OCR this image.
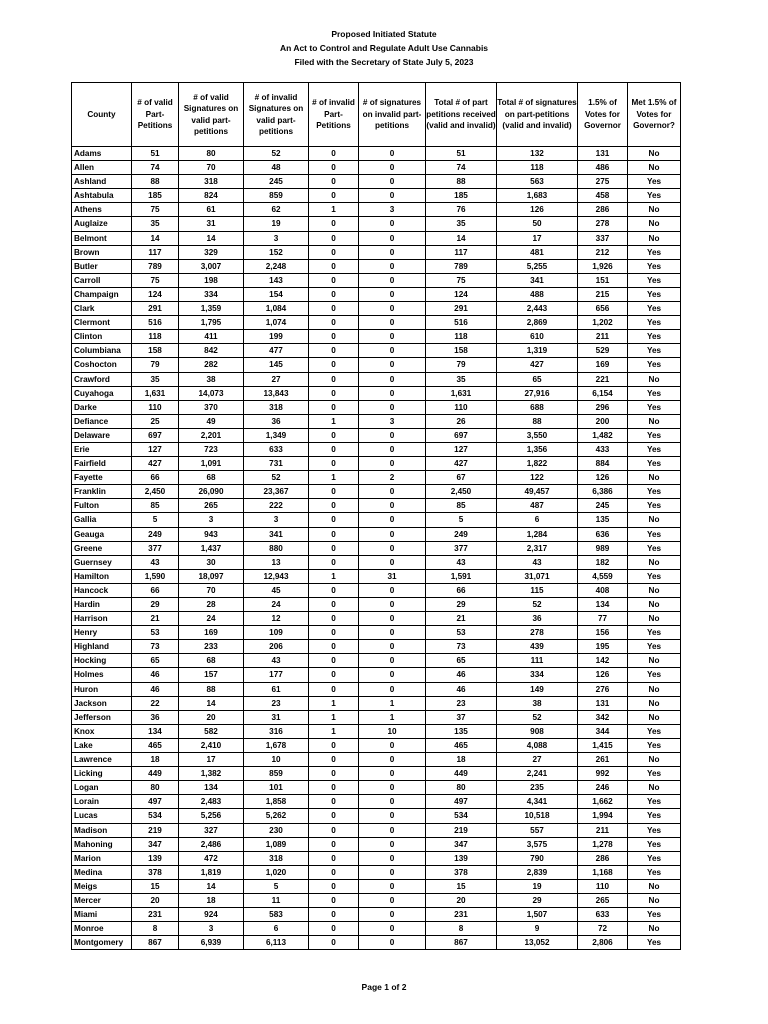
Proposed Initiated Statute
An Act to Control and Regulate Adult Use Cannabis
Filed with the Secretary of State July 5, 2023
County	# of valid Part-Petitions	# of valid Signatures on valid part-petitions	# of invalid Signatures on valid part-petitions	# of invalid Part-Petitions	# of signatures on invalid part-petitions	Total # of part petitions received (valid and invalid)	Total # of signatures on part-petitions (valid and invalid)	1.5% of Votes for Governor	Met 1.5% of Votes for Governor?
Adams	51	80	52	0	0	51	132	131	No
Allen	74	70	48	0	0	74	118	486	No
Ashland	88	318	245	0	0	88	563	275	Yes
Ashtabula	185	824	859	0	0	185	1,683	458	Yes
Athens	75	61	62	1	3	76	126	286	No
Auglaize	35	31	19	0	0	35	50	278	No
Belmont	14	14	3	0	0	14	17	337	No
Brown	117	329	152	0	0	117	481	212	Yes
Butler	789	3,007	2,248	0	0	789	5,255	1,926	Yes
Carroll	75	198	143	0	0	75	341	151	Yes
Champaign	124	334	154	0	0	124	488	215	Yes
Clark	291	1,359	1,084	0	0	291	2,443	656	Yes
Clermont	516	1,795	1,074	0	0	516	2,869	1,202	Yes
Clinton	118	411	199	0	0	118	610	211	Yes
Columbiana	158	842	477	0	0	158	1,319	529	Yes
Coshocton	79	282	145	0	0	79	427	169	Yes
Crawford	35	38	27	0	0	35	65	221	No
Cuyahoga	1,631	14,073	13,843	0	0	1,631	27,916	6,154	Yes
Darke	110	370	318	0	0	110	688	296	Yes
Defiance	25	49	36	1	3	26	88	200	No
Delaware	697	2,201	1,349	0	0	697	3,550	1,482	Yes
Erie	127	723	633	0	0	127	1,356	433	Yes
Fairfield	427	1,091	731	0	0	427	1,822	884	Yes
Fayette	66	68	52	1	2	67	122	126	No
Franklin	2,450	26,090	23,367	0	0	2,450	49,457	6,386	Yes
Fulton	85	265	222	0	0	85	487	245	Yes
Gallia	5	3	3	0	0	5	6	135	No
Geauga	249	943	341	0	0	249	1,284	636	Yes
Greene	377	1,437	880	0	0	377	2,317	989	Yes
Guernsey	43	30	13	0	0	43	43	182	No
Hamilton	1,590	18,097	12,943	1	31	1,591	31,071	4,559	Yes
Hancock	66	70	45	0	0	66	115	408	No
Hardin	29	28	24	0	0	29	52	134	No
Harrison	21	24	12	0	0	21	36	77	No
Henry	53	169	109	0	0	53	278	156	Yes
Highland	73	233	206	0	0	73	439	195	Yes
Hocking	65	68	43	0	0	65	111	142	No
Holmes	46	157	177	0	0	46	334	126	Yes
Huron	46	88	61	0	0	46	149	276	No
Jackson	22	14	23	1	1	23	38	131	No
Jefferson	36	20	31	1	1	37	52	342	No
Knox	134	582	316	1	10	135	908	344	Yes
Lake	465	2,410	1,678	0	0	465	4,088	1,415	Yes
Lawrence	18	17	10	0	0	18	27	261	No
Licking	449	1,382	859	0	0	449	2,241	992	Yes
Logan	80	134	101	0	0	80	235	246	No
Lorain	497	2,483	1,858	0	0	497	4,341	1,662	Yes
Lucas	534	5,256	5,262	0	0	534	10,518	1,994	Yes
Madison	219	327	230	0	0	219	557	211	Yes
Mahoning	347	2,486	1,089	0	0	347	3,575	1,278	Yes
Marion	139	472	318	0	0	139	790	286	Yes
Medina	378	1,819	1,020	0	0	378	2,839	1,168	Yes
Meigs	15	14	5	0	0	15	19	110	No
Mercer	20	18	11	0	0	20	29	265	No
Miami	231	924	583	0	0	231	1,507	633	Yes
Monroe	8	3	6	0	0	8	9	72	No
Montgomery	867	6,939	6,113	0	0	867	13,052	2,806	Yes
Page 1 of 2
